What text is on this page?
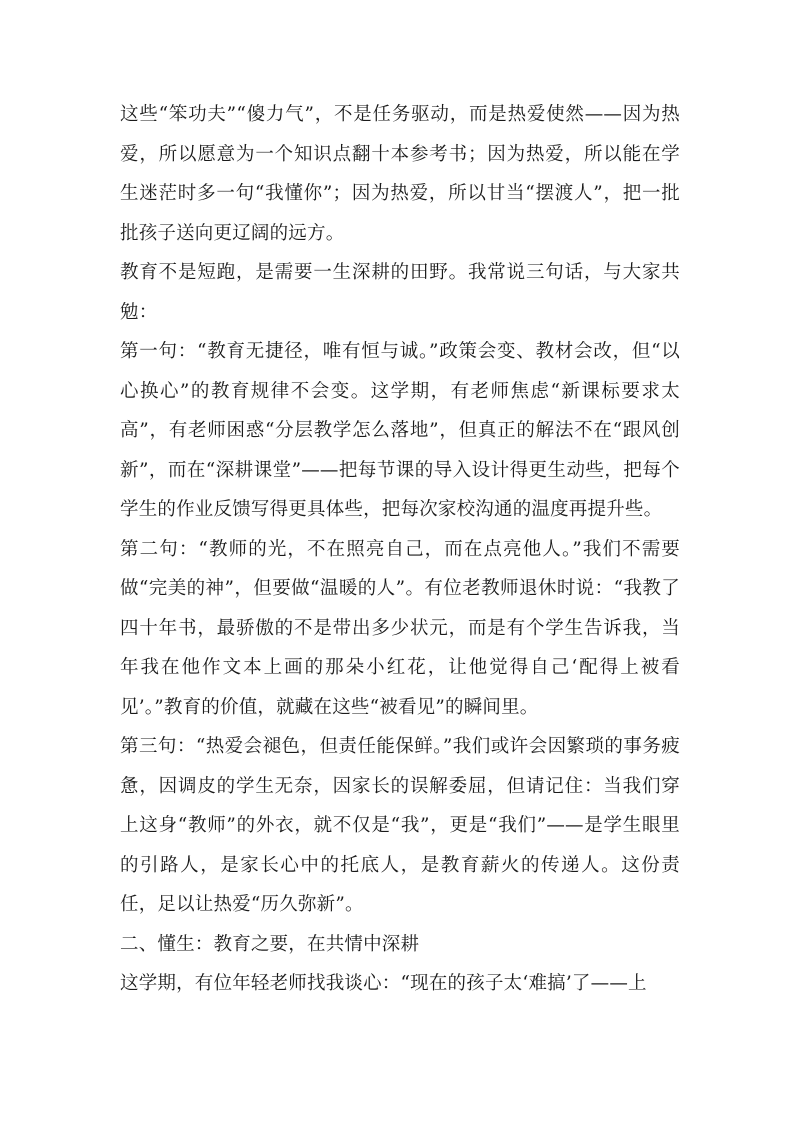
这些“笨功夫”“傻力气”，不是任务驱动，而是热爱使然——因为热爱，所以愿意为一个知识点翻十本参考书；因为热爱，所以能在学生迷茫时多一句“我懂你”；因为热爱，所以甘当“摆渡人”，把一批批孩子送向更辽阔的远方。

教育不是短跑，是需要一生深耕的田野。我常说三句话，与大家共勉：

第一句：“教育无捷径，唯有恒与诚。”政策会变、教材会改，但“以心换心”的教育规律不会变。这学期，有老师焦虑“新课标要求太高”，有老师困惑“分层教学怎么落地”，但真正的解法不在“跟风创新”，而在“深耕课堂”——把每节课的导入设计得更生动些，把每个学生的作业反馈写得更具体些，把每次家校沟通的温度再提升些。

第二句：“教师的光，不在照亮自己，而在点亮他人。”我们不需要做“完美的神”，但要做“温暖的人”。有位老教师退休时说：“我教了四十年书，最骄傲的不是带出多少状元，而是有个学生告诉我，当年我在他作文本上画的那朵小红花，让他觉得自己‘配得上被看见’。”教育的价值，就藏在这些“被看见”的瞬间里。

第三句：“热爱会褪色，但责任能保鲜。”我们或许会因繁琐的事务疲惫，因调皮的学生无奈，因家长的误解委屈，但请记住：当我们穿上这身“教师”的外衣，就不仅是“我”，更是“我们”——是学生眼里的引路人，是家长心中的托底人，是教育薪火的传递人。这份责任，足以让热爱“历久弥新”。

二、懂生：教育之要，在共情中深耕

这学期，有位年轻老师找我谈心：“现在的孩子太‘难搞’了——上
